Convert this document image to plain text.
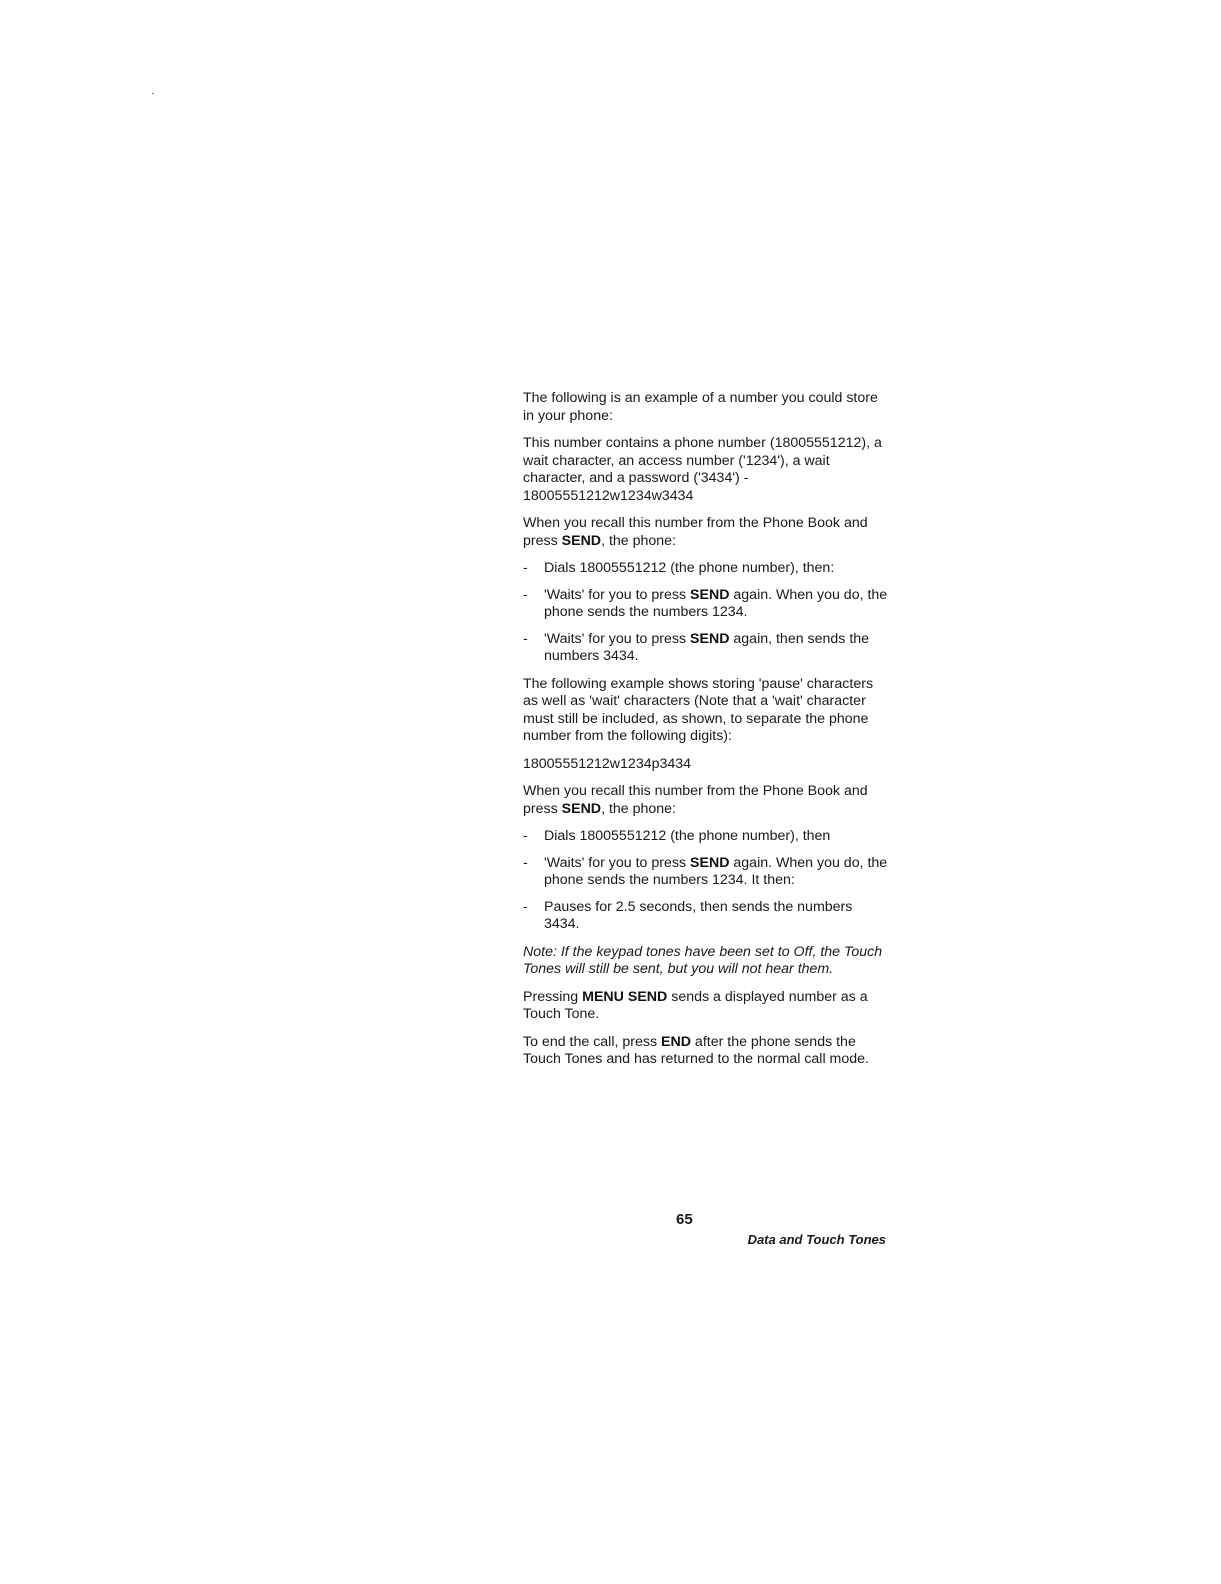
The following is an example of a number you could store in your phone:

This number contains a phone number (18005551212), a wait character, an access number ('1234'), a wait character, and a password ('3434') - 18005551212w1234w3434

When you recall this number from the Phone Book and press SEND, the phone:

- Dials 18005551212 (the phone number), then:
- 'Waits' for you to press SEND again. When you do, the phone sends the numbers 1234.
- 'Waits' for you to press SEND again, then sends the numbers 3434.

The following example shows storing 'pause' characters as well as 'wait' characters (Note that a 'wait' character must still be included, as shown, to separate the phone number from the following digits):

18005551212w1234p3434

When you recall this number from the Phone Book and press SEND, the phone:

- Dials 18005551212 (the phone number), then
- 'Waits' for you to press SEND again. When you do, the phone sends the numbers 1234. It then:
- Pauses for 2.5 seconds, then sends the numbers 3434.

Note: If the keypad tones have been set to Off, the Touch Tones will still be sent, but you will not hear them.

Pressing MENU SEND sends a displayed number as a Touch Tone.

To end the call, press END after the phone sends the Touch Tones and has returned to the normal call mode.

65
Data and Touch Tones
